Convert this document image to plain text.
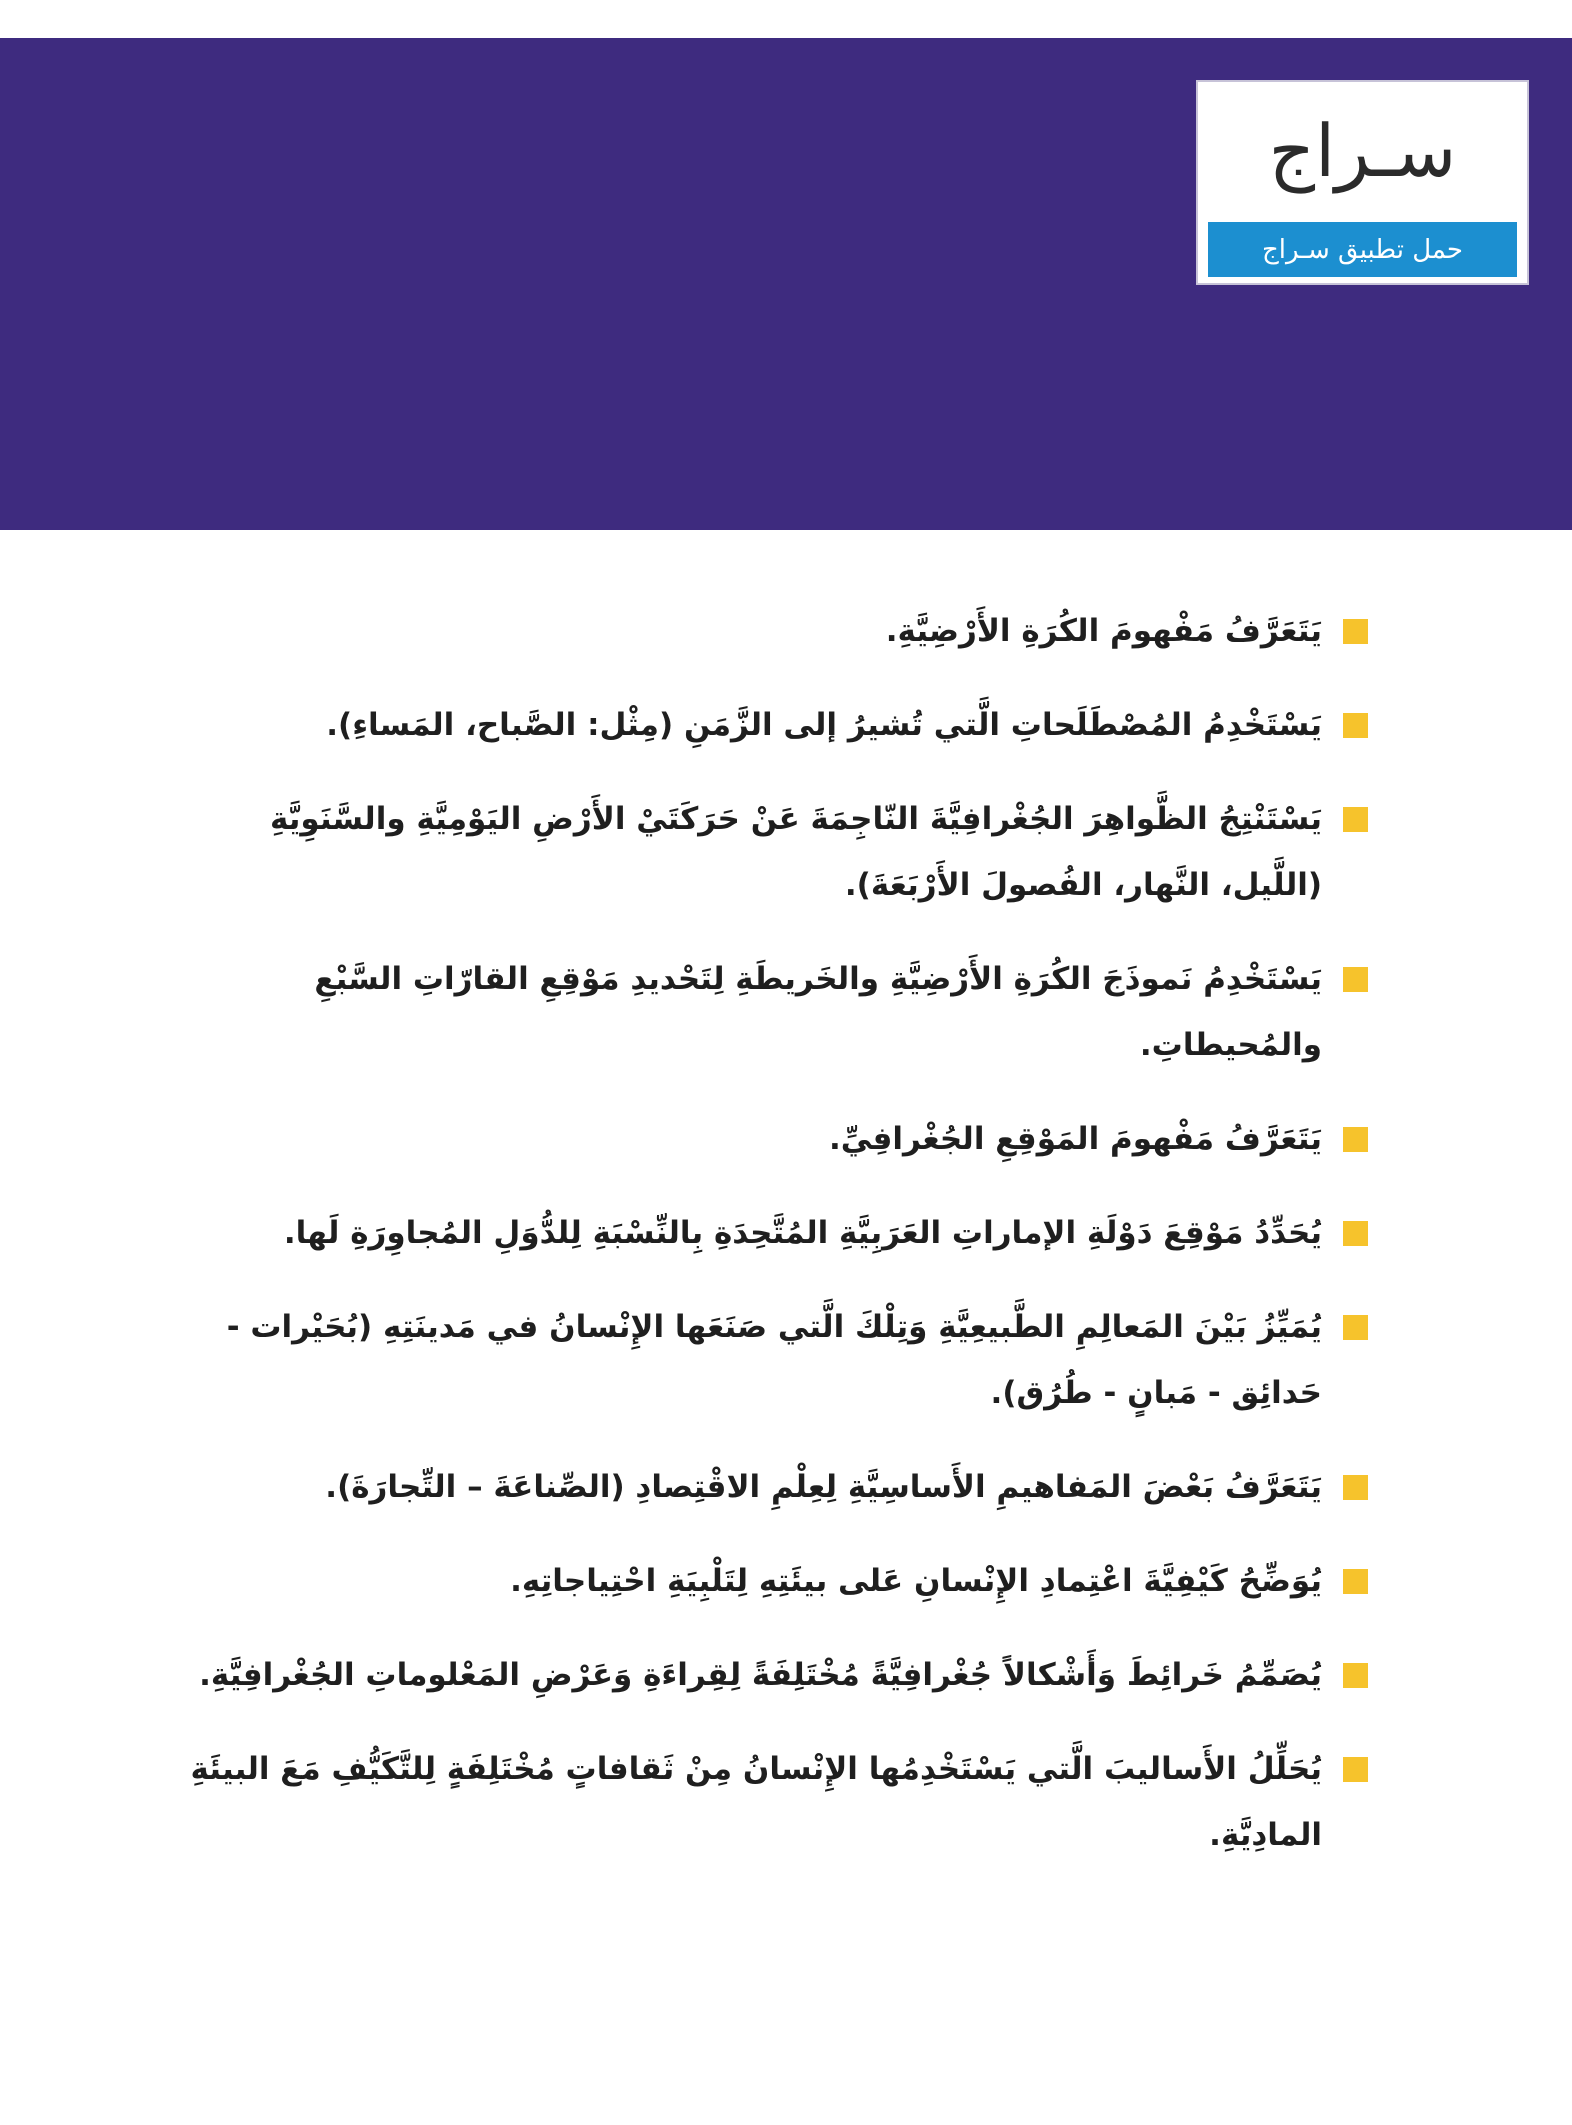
سـراج
حمل تطبيق سـراج
يَتَعَرَّفُ مَفْهومَ الكُرَةِ الأَرْضِيَّةِ.
يَسْتَخْدِمُ المُصْطَلَحاتِ الَّتي تُشيرُ إلى الزَّمَنِ (مِثْل: الصَّباح، المَساءِ).
يَسْتَنْتِجُ الظَّواهِرَ الجُغْرافِيَّةَ النّاجِمَةَ عَنْ حَرَكَتَيْ الأَرْضِ اليَوْمِيَّةِ والسَّنَوِيَّةِ (اللَّيل، النَّهار، الفُصولَ الأَرْبَعَةَ).
يَسْتَخْدِمُ نَموذَجَ الكُرَةِ الأَرْضِيَّةِ والخَريطَةِ لِتَحْديدِ مَوْقِعِ القارّاتِ السَّبْعِ والمُحيطاتِ.
يَتَعَرَّفُ مَفْهومَ المَوْقِعِ الجُغْرافِيِّ.
يُحَدِّدُ مَوْقِعَ دَوْلَةِ الإماراتِ العَرَبِيَّةِ المُتَّحِدَةِ بِالنِّسْبَةِ لِلدُّوَلِ المُجاوِرَةِ لَها.
يُمَيِّزُ بَيْنَ المَعالِمِ الطَّبيعِيَّةِ وَتِلْكَ الَّتي صَنَعَها الإِنْسانُ في مَدينَتِهِ (بُحَيْرات - حَدائِق - مَبانٍ - طُرُق).
يَتَعَرَّفُ بَعْضَ المَفاهيمِ الأَساسِيَّةِ لِعِلْمِ الاقْتِصادِ (الصِّناعَةَ – التِّجارَةَ).
يُوَضِّحُ كَيْفِيَّةَ اعْتِمادِ الإِنْسانِ عَلى بيئَتِهِ لِتَلْبِيَةِ احْتِياجاتِهِ.
يُصَمِّمُ خَرائِطَ وَأَشْكالاً جُغْرافِيَّةً مُخْتَلِفَةً لِقِراءَةِ وَعَرْضِ المَعْلوماتِ الجُغْرافِيَّةِ.
يُحَلِّلُ الأَساليبَ الَّتي يَسْتَخْدِمُها الإِنْسانُ مِنْ ثَقافاتٍ مُخْتَلِفَةٍ لِلتَّكَيُّفِ مَعَ البيئَةِ المادِيَّةِ.
